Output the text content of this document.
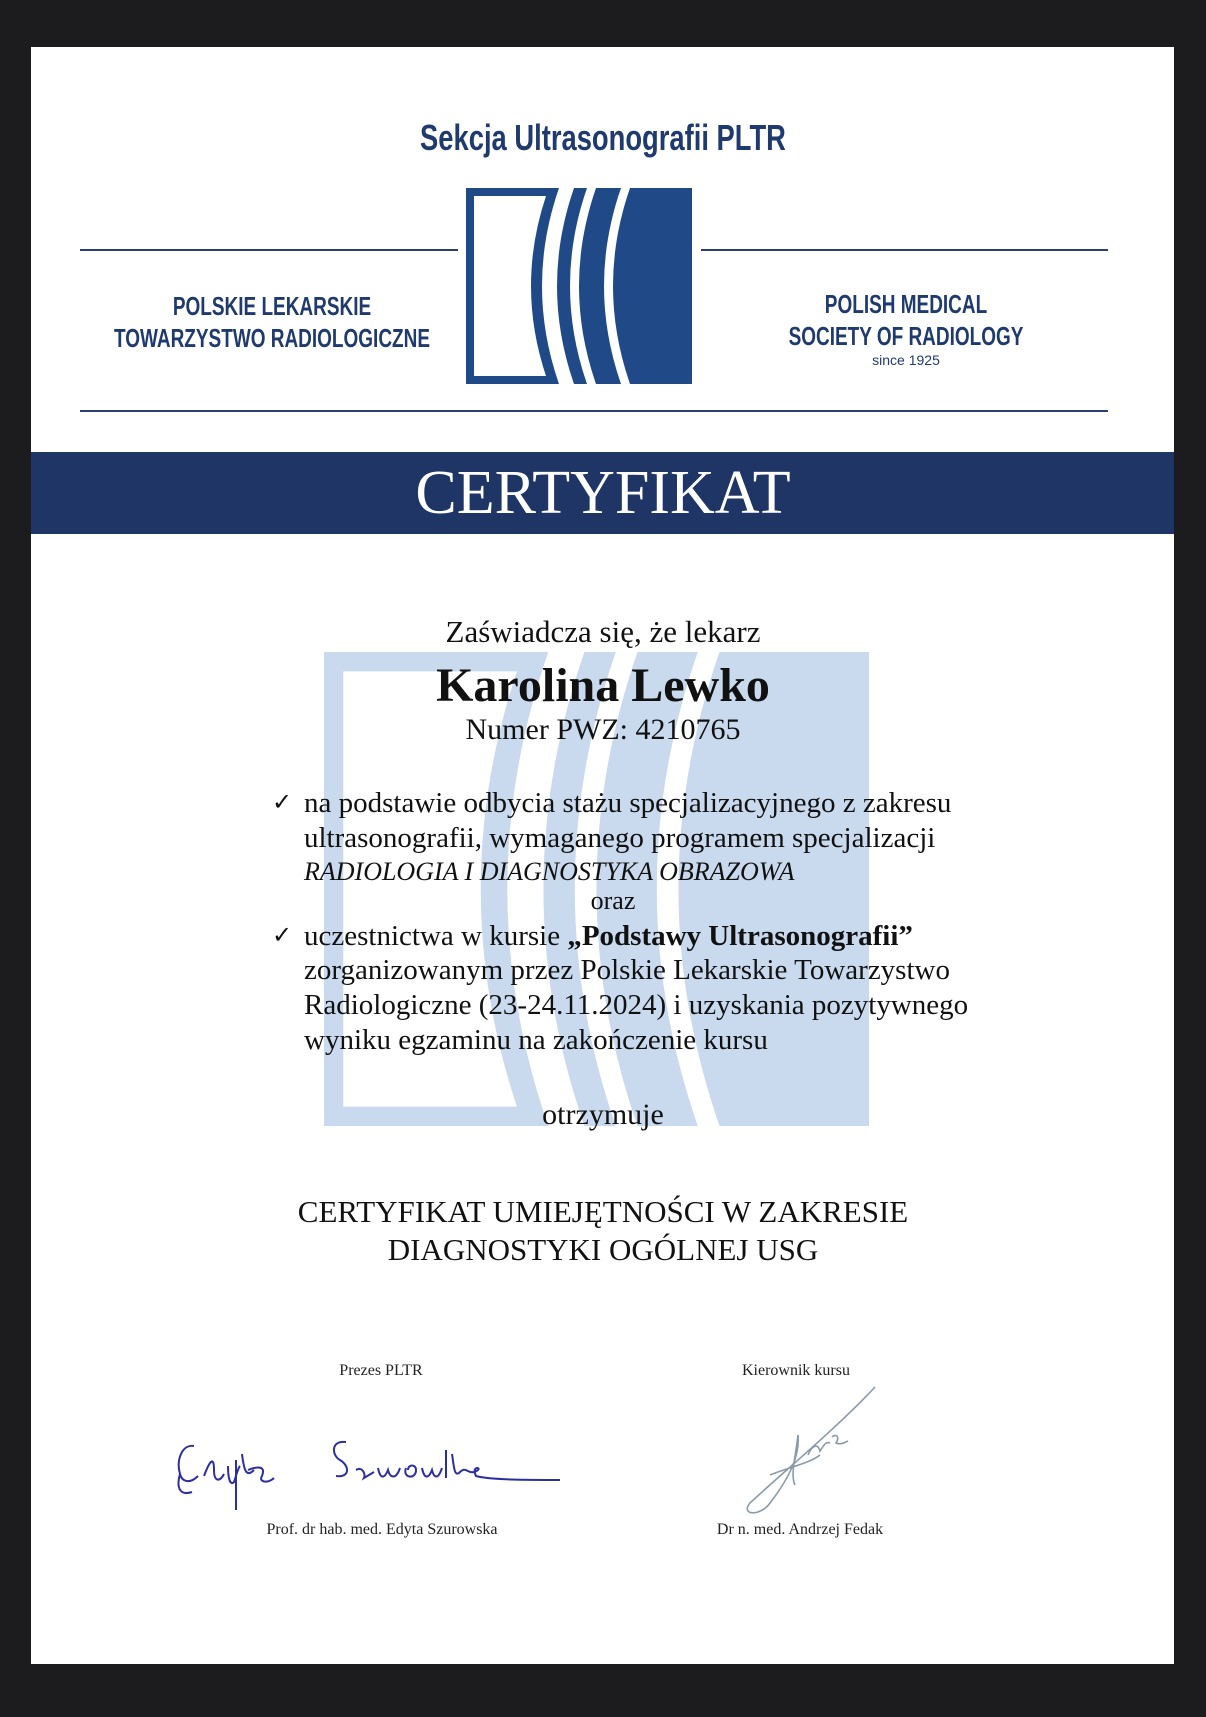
Sekcja Ultrasonografii PLTR
POLSKIE LEKARSKIE
TOWARZYSTWO RADIOLOGICZNE
POLISH MEDICAL
SOCIETY OF RADIOLOGY
since 1925
CERTYFIKAT
Zaświadcza się, że lekarz
Karolina Lewko
Numer PWZ: 4210765
✓ na podstawie odbycia stażu specjalizacyjnego z zakresu
ultrasonografii, wymaganego programem specjalizacji
RADIOLOGIA I DIAGNOSTYKA OBRAZOWA
oraz
✓ uczestnictwa w kursie „Podstawy Ultrasonografii”
zorganizowanym przez Polskie Lekarskie Towarzystwo
Radiologiczne (23-24.11.2024) i uzyskania pozytywnego
wyniku egzaminu na zakończenie kursu
otrzymuje
CERTYFIKAT UMIEJĘTNOŚCI W ZAKRESIE
DIAGNOSTYKI OGÓLNEJ USG
Prezes PLTR	Kierownik kursu
Prof. dr hab. med. Edyta Szurowska	Dr n. med. Andrzej Fedak
